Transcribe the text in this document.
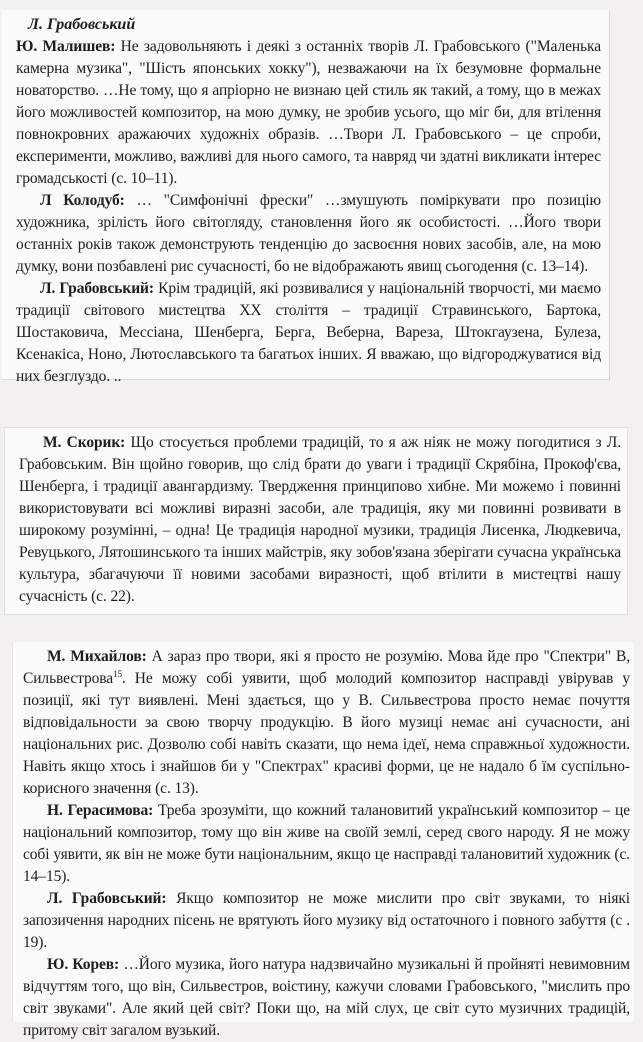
Л. Грабовський

Ю. Малишев: Не задовольняють і деякі з останніх творів Л. Грабовського ("Маленька камерна музика", "Шість японських хокку"), незважаючи на їх безумовне формальне новаторство. …Не тому, що я апріорно не визнаю цей стиль як такий, а тому, що в межах його можливостей композитор, на мою думку, не зробив усього, що міг би, для втілення повнокровних аражаючих художніх образів. …Твори Л. Грабовського – це спроби, експерименти, можливо, важливі для нього самого, та навряд чи здатні викликати інтерес громадськості (с. 10–11).

Л Колодуб: … "Симфонічні фрески" …змушують поміркувати про позицію художника, зрілість його світогляду, становлення його як особистості. …Його твори останніх років також демонструють тенденцію до засвоєння нових засобів, але, на мою думку, вони позбавлені рис сучасності, бо не відображають явищ сьогодення (с. 13–14).

Л. Грабовський: Крім традицій, які розвивалися у національній творчості, ми маємо традиції світового мистецтва XX століття – традиції Стравинського, Бартока, Шостаковича, Мессіана, Шенберга, Берга, Веберна, Вареза, Штокгаузена, Булеза, Ксенакіса, Ноно, Лютославського та багатьох інших. Я вважаю, що відгороджуватися від них безглуздо. ..

М. Скорик: Що стосується проблеми традицій, то я аж ніяк не можу погодитися з Л. Грабовським. Він щойно говорив, що слід брати до уваги і традиції Скрябіна, Прокоф'єва, Шенберга, і традиції авангардизму. Твердження принципово хибне. Ми можемо і повинні використовувати всі можливі виразні засоби, але традиція, яку ми повинні розвивати в широкому розумінні, – одна! Це традиція народної музики, традиція Лисенка, Людкевича, Ревуцького, Лятошинського та інших майстрів, яку зобов'язана зберігати сучасна українська культура, збагачуючи її новими засобами виразності, щоб втілити в мистецтві нашу сучасність (с. 22).

М. Михайлов: А зараз про твори, які я просто не розумію. Мова йде про "Спектри" В, Сильвестрова$^{15}$. Не можу собі уявити, щоб молодий композитор насправді увірував у позиції, які тут виявлені. Мені здається, що у В. Сильвестрова просто немає почуття відповідальности за свою творчу продукцію. В його музиці немає ані сучасности, ані національних рис. Дозволю собі навіть сказати, що нема ідеї, нема справжньої художности. Навіть якщо хтось і знайшов би у "Спектрах" красиві форми, це не надало б їм суспільно-корисного значення (с. 13).

Н. Герасимова: Треба зрозуміти, що кожний талановитий український композитор – це національний композитор, тому що він живе на своїй землі, серед свого народу. Я не можу собі уявити, як він не може бути національним, якщо це насправді талановитий художник (с. 14–15).

Л. Грабовський: Якщо композитор не може мислити про світ звуками, то ніякі запозичення народних пісень не врятують його музику від остаточного і повного забуття (с . 19).

Ю. Корев: …Його музика, його натура надзвичайно музикальні й пройняті невимовним відчуттям того, що він, Сильвестров, воістину, кажучи словами Грабовського, "мислить про світ звуками". Але який цей світ? Поки що, на мій слух, це світ суто музичних традицій, притому світ загалом вузький.
